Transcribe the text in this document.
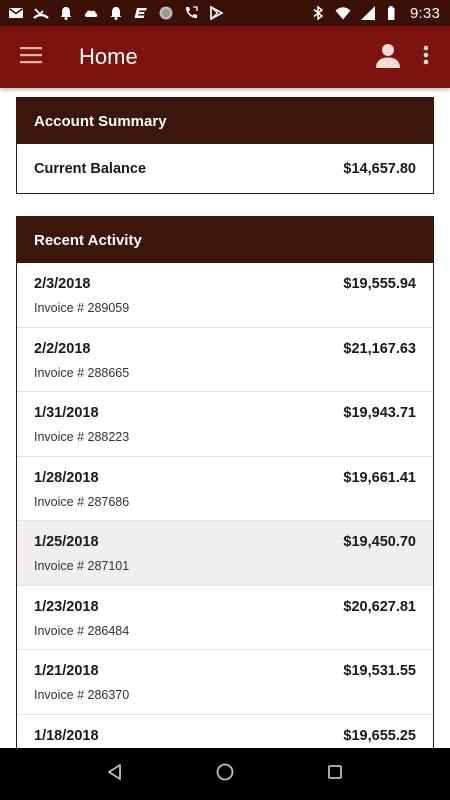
9:33
Home
Account Summary
Current Balance	$14,657.80
Recent Activity
2/3/2018	$19,555.94
Invoice # 289059
2/2/2018	$21,167.63
Invoice # 288665
1/31/2018	$19,943.71
Invoice # 288223
1/28/2018	$19,661.41
Invoice # 287686
1/25/2018	$19,450.70
Invoice # 287101
1/23/2018	$20,627.81
Invoice # 286484
1/21/2018	$19,531.55
Invoice # 286370
1/18/2018	$19,655.25
